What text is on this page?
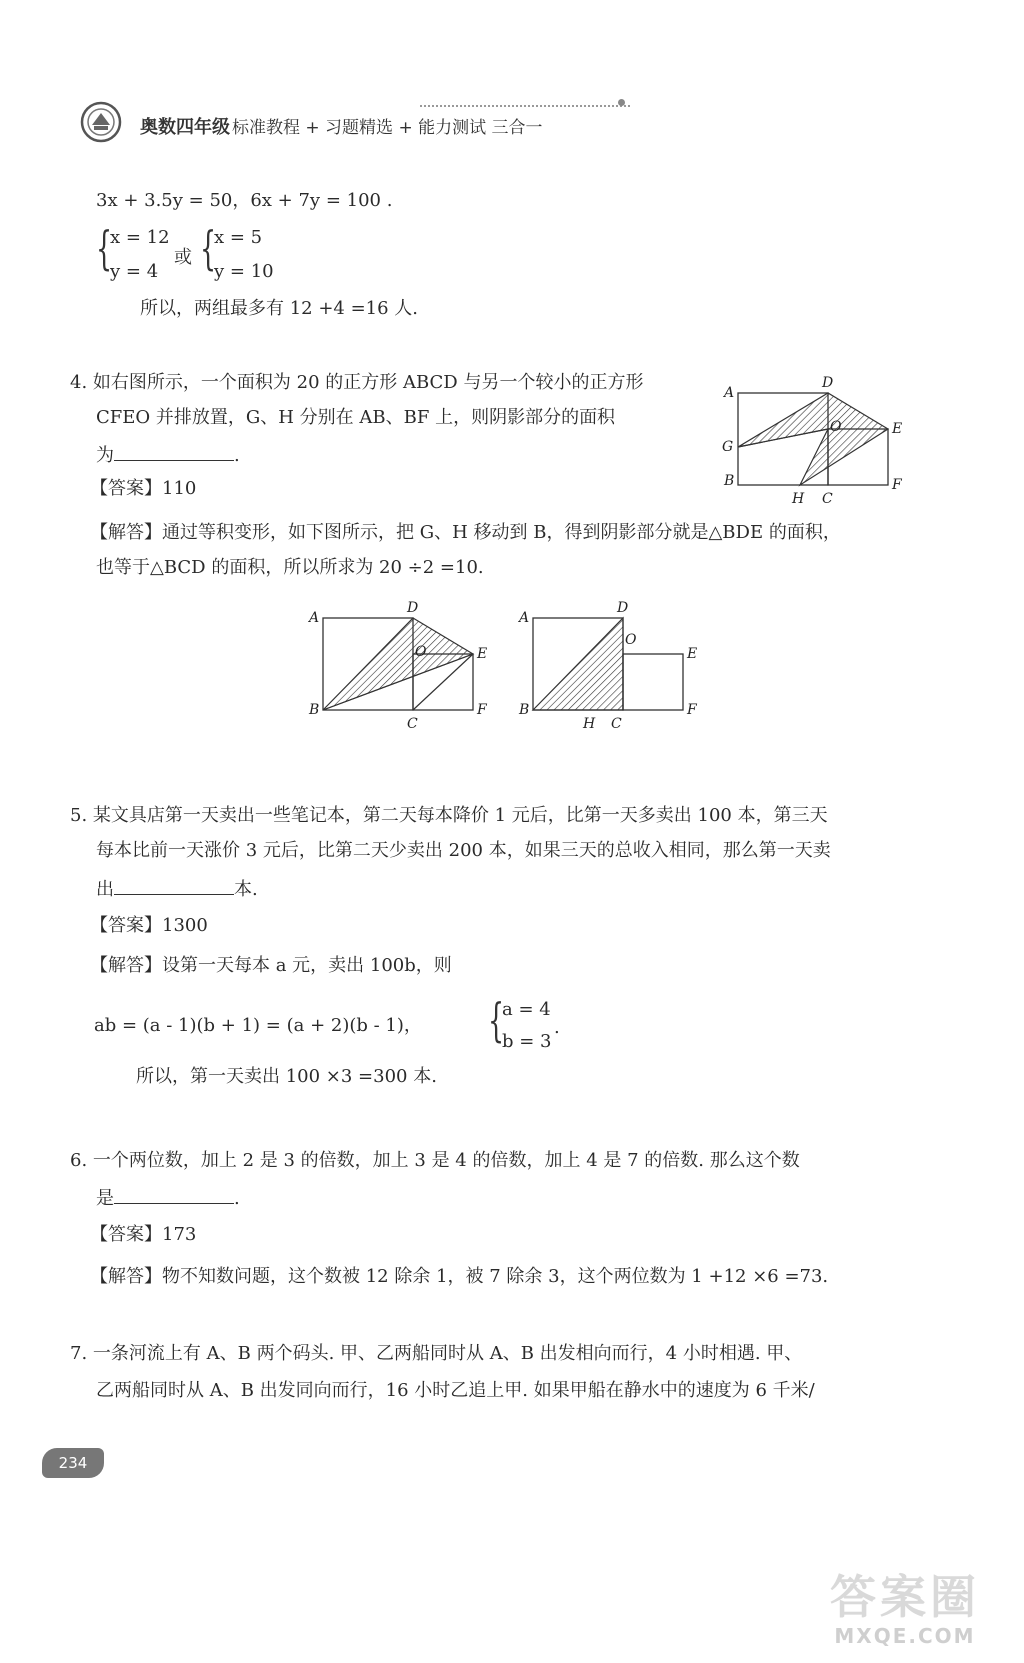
奥数四年级 标准教程 + 习题精选 + 能力测试 三合一
3x + 3.5y = 50，6x + 7y = 100 .
{
x = 12
y = 4
或 {
x = 5
y = 10
所以，两组最多有 12 +4 =16 人.
4. 如右图所示，一个面积为 20 的正方形 ABCD 与另一个较小的正方形
CFEO 并排放置，G、H 分别在 AB、BF 上，则阴影部分的面积
为	.
【答案】110
【解答】通过等积变形，如下图所示，把 G、H 移动到 B，得到阴影部分就是△BDE 的面积，
也等于△BCD 的面积，所以所求为 20 ÷2 =10.
A
D
E
G
O
B
H C
F
A
D
E
O
B
C
F
A
D
E
O
B
H C
F
5. 某文具店第一天卖出一些笔记本，第二天每本降价 1 元后，比第一天多卖出 100 本，第三天
每本比前一天涨价 3 元后，比第二天少卖出 200 本，如果三天的总收入相同，那么第一天卖
出	本.
【答案】1300
【解答】设第一天每本 a 元，卖出 100b，则
ab = (a - 1)(b + 1) = (a + 2)(b - 1)， {
a = 4
b = 3
.
所以，第一天卖出 100 ×3 =300 本.
6. 一个两位数，加上 2 是 3 的倍数，加上 3 是 4 的倍数，加上 4 是 7 的倍数. 那么这个数
是	.
【答案】173
【解答】物不知数问题，这个数被 12 除余 1，被 7 除余 3，这个两位数为 1 +12 ×6 =73.
7. 一条河流上有 A、B 两个码头. 甲、乙两船同时从 A、B 出发相向而行，4 小时相遇. 甲、
乙两船同时从 A、B 出发同向而行，16 小时乙追上甲. 如果甲船在静水中的速度为 6 千米/
234
答案圈
MXQE.COM
